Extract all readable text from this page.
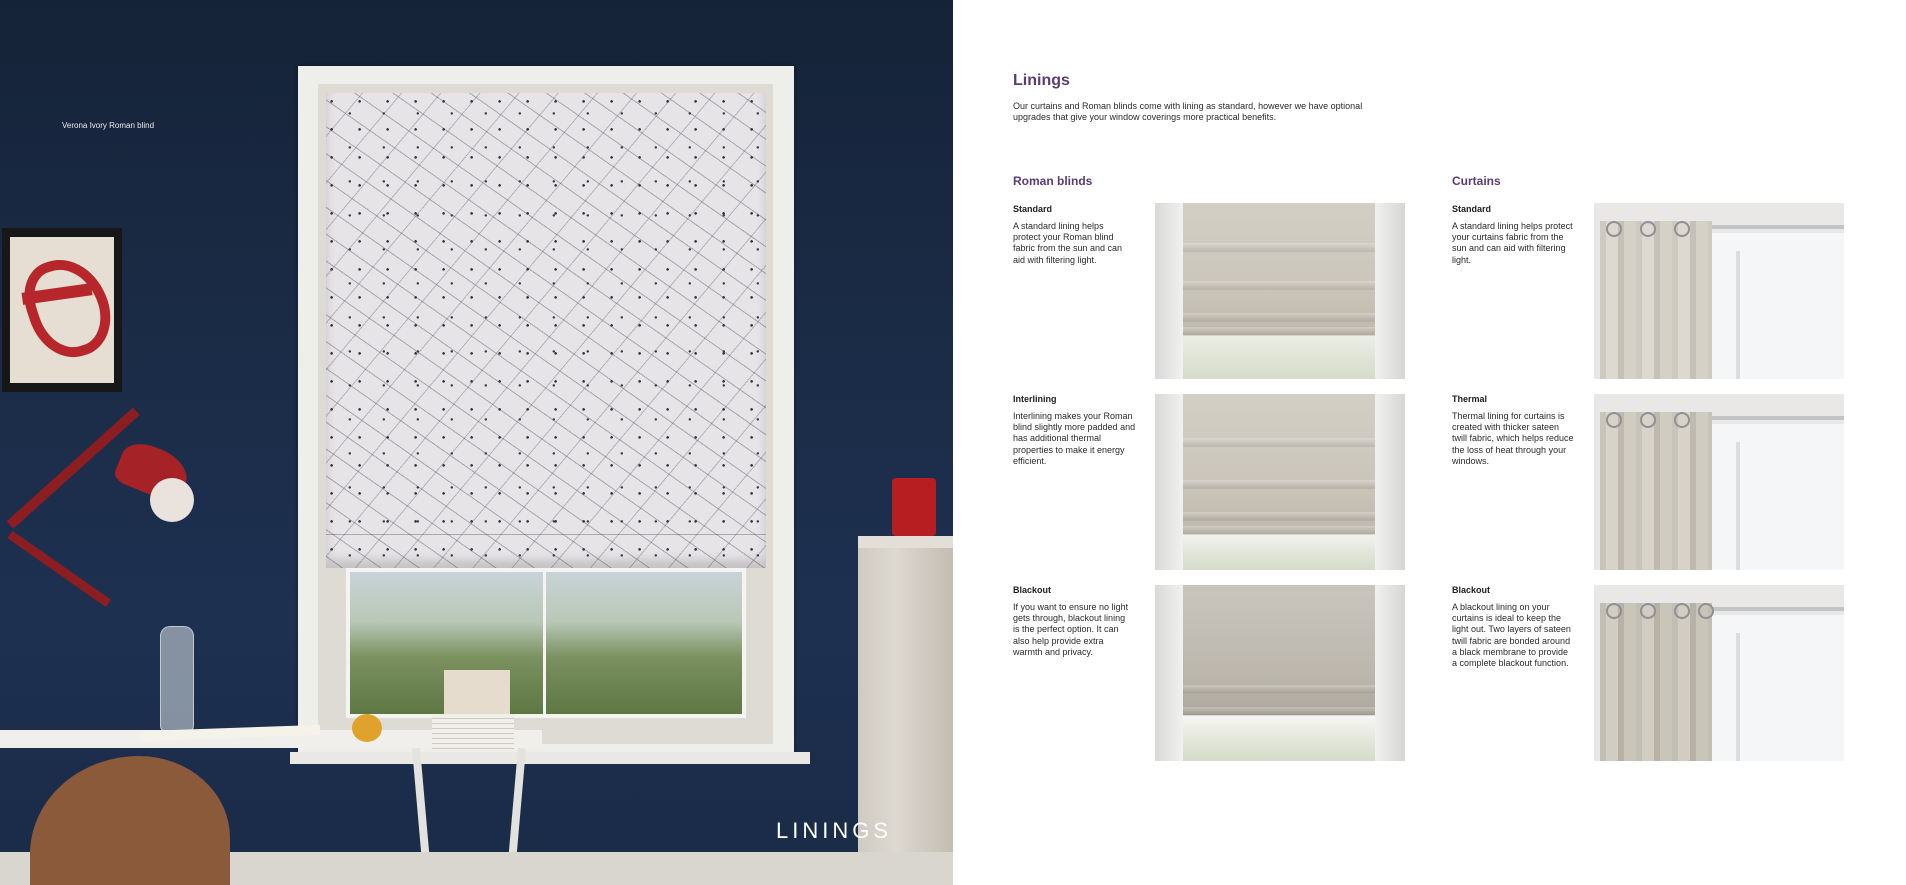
Verona Ivory Roman blind
LININGS
Linings
Our curtains and Roman blinds come with lining as standard, however we have optional upgrades that give your window coverings more practical benefits.
Roman blinds
Standard
A standard lining helps protect your Roman blind fabric from the sun and can aid with filtering light.
Interlining
Interlining makes your Roman blind slightly more padded and has additional thermal properties to make it energy efficient.
Blackout
If you want to ensure no light gets through, blackout lining is the perfect option. It can also help provide extra warmth and privacy.
Curtains
Standard
A standard lining helps protect your curtains fabric from the sun and can aid with filtering light.
Thermal
Thermal lining for curtains is created with thicker sateen twill fabric, which helps reduce the loss of heat through your windows.
Blackout
A blackout lining on your curtains is ideal to keep the light out. Two layers of sateen twill fabric are bonded around a black membrane to provide a complete blackout function.
